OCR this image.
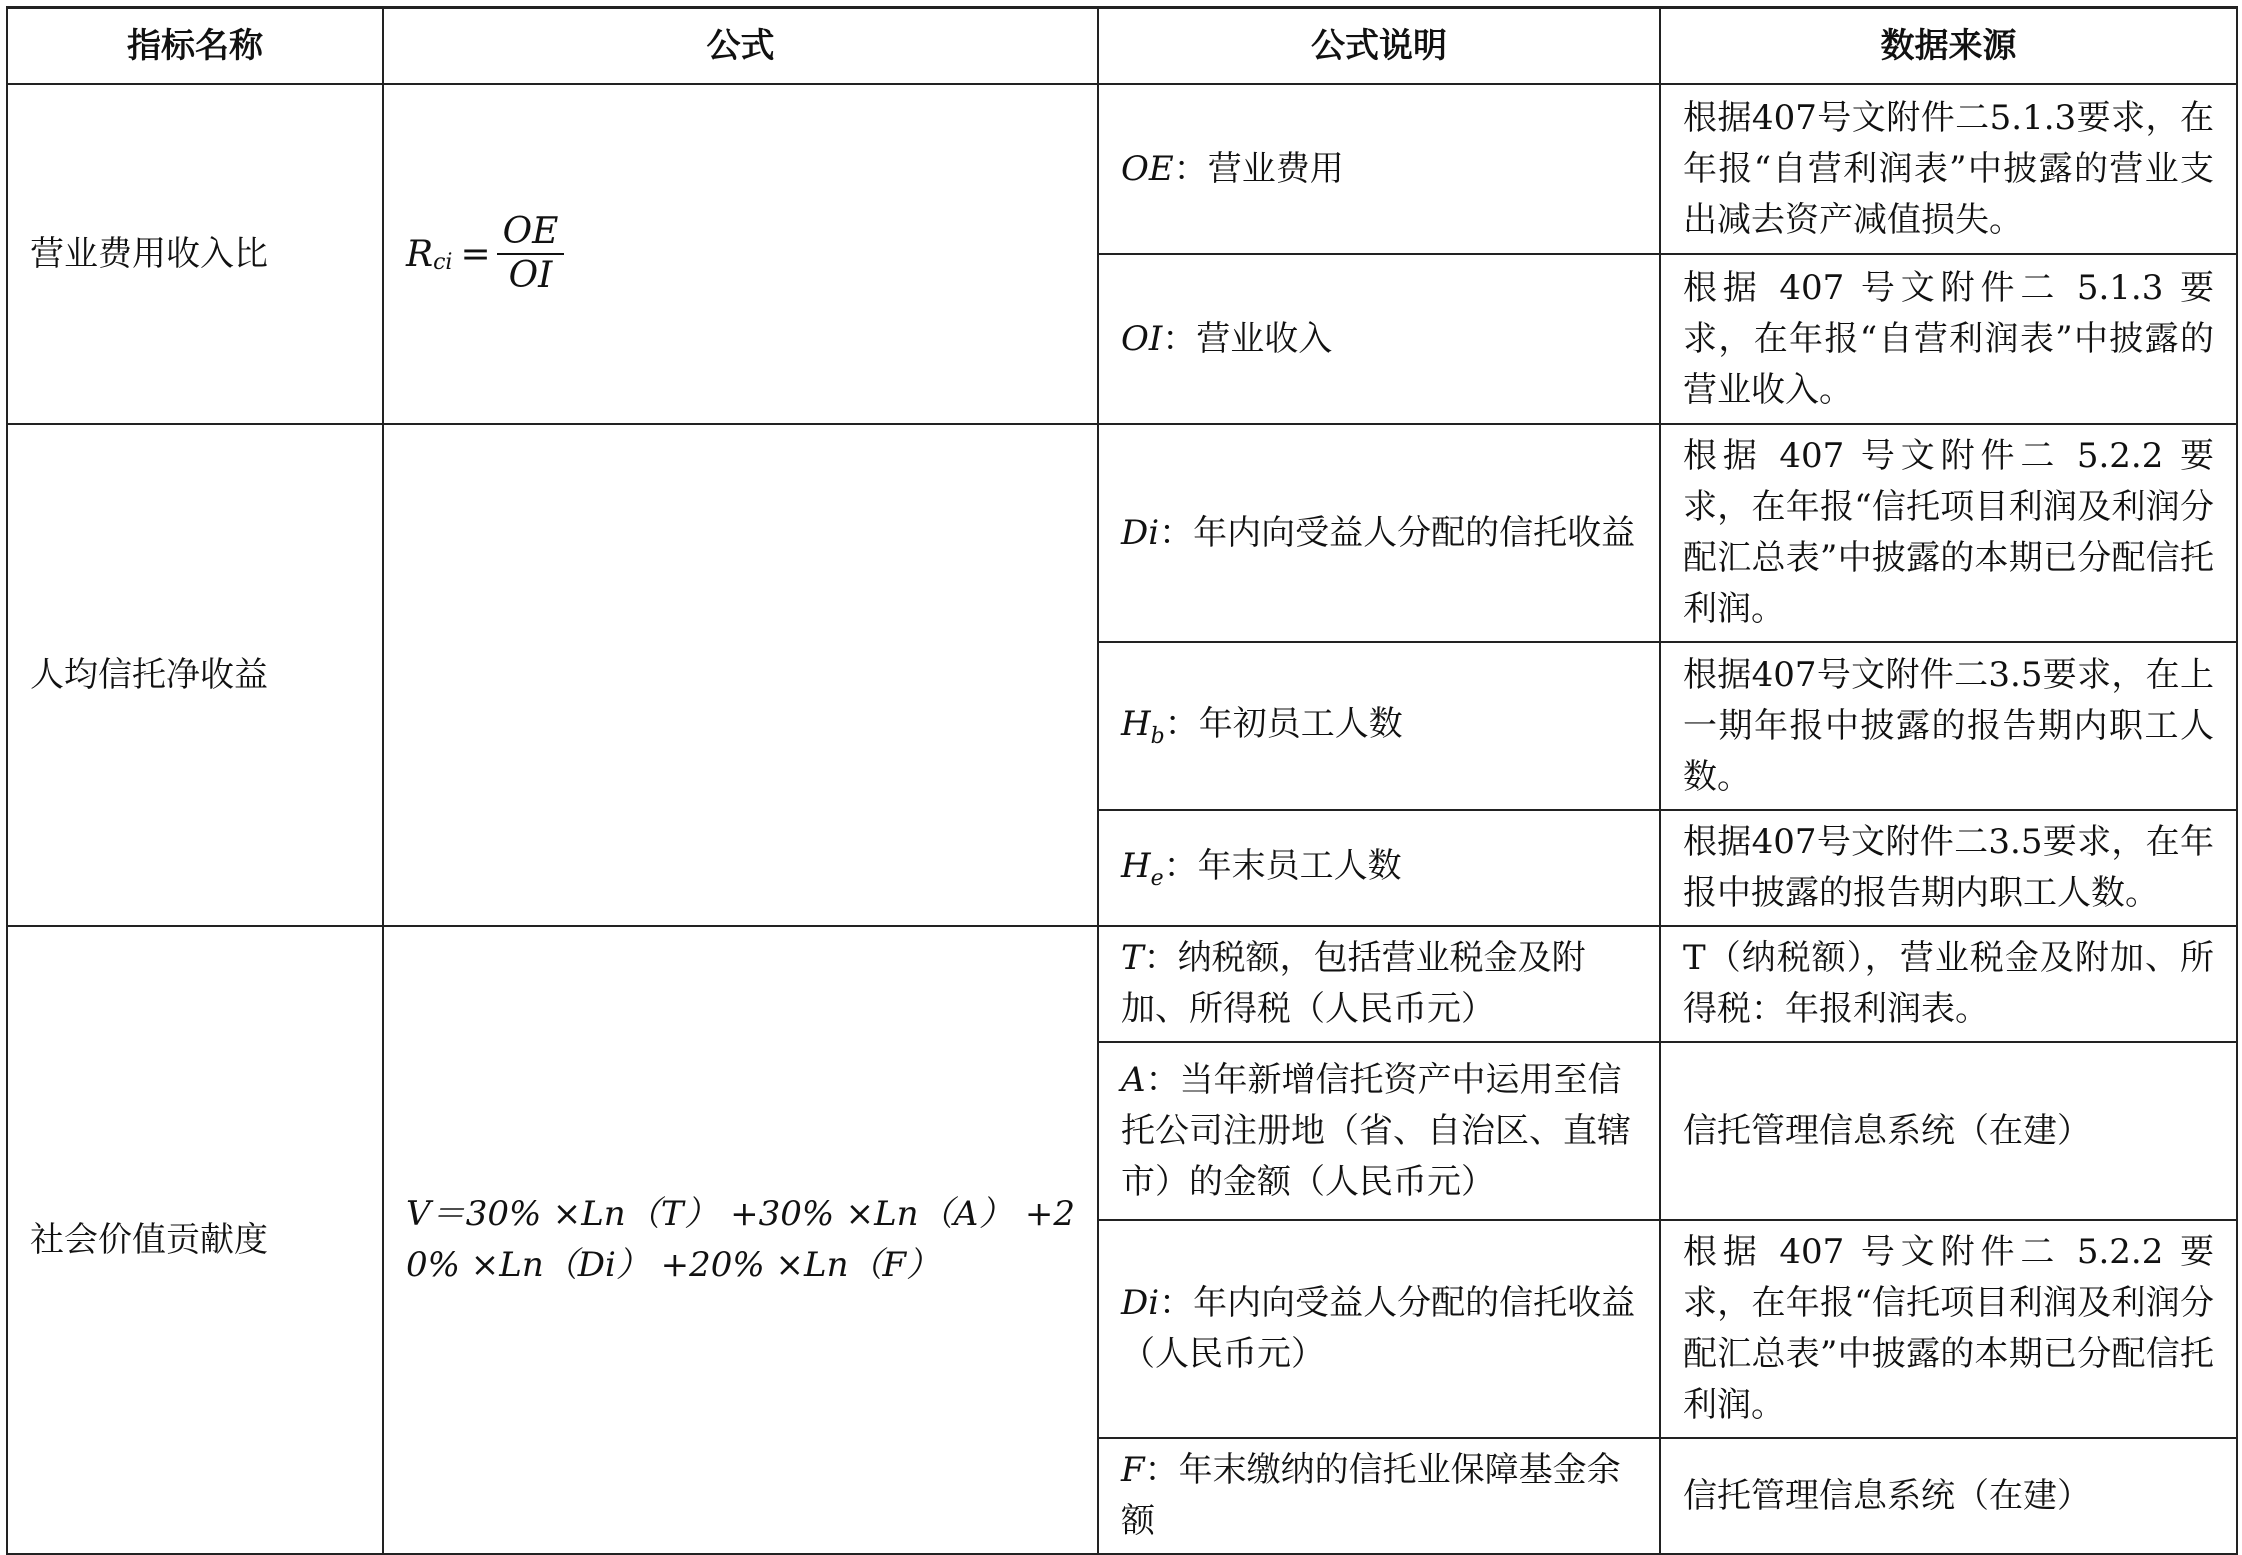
指标名称	公式	公式说明	数据来源
营业费用收入比	R ci = $\frac{OE}{OI}$	OE：营业费用	根据407号文附件二5.1.3要求，在年报“自营利润表”中披露的营业支出减去资产减值损失。
		OI：营业收入	根据 407 号文附件二 5.1.3 要求，在年报“自营利润表”中披露的营业收入。
人均信托净收益		Di：年内向受益人分配的信托收益	根据 407 号文附件二 5.2.2 要求，在年报“信托项目利润及利润分配汇总表”中披露的本期已分配信托利润。
		$H_b$：年初员工人数	根据407号文附件二3.5要求，在上一期年报中披露的报告期内职工人数。
		$H_e$：年末员工人数	根据407号文附件二3.5要求，在年报中披露的报告期内职工人数。
社会价值贡献度	V＝30% ×Ln（T） +30% ×Ln（A） +20% ×Ln（Di） +20% ×Ln（F）	T：纳税额，包括营业税金及附加、所得税（人民币元）	T（纳税额），营业税金及附加、所得税：年报利润表。
		A：当年新增信托资产中运用至信托公司注册地（省、自治区、直辖市）的金额（人民币元）	信托管理信息系统（在建）
		Di：年内向受益人分配的信托收益（人民币元）	根据 407 号文附件二 5.2.2 要求，在年报“信托项目利润及利润分配汇总表”中披露的本期已分配信托利润。
		F：年末缴纳的信托业保障基金余额	信托管理信息系统（在建）
